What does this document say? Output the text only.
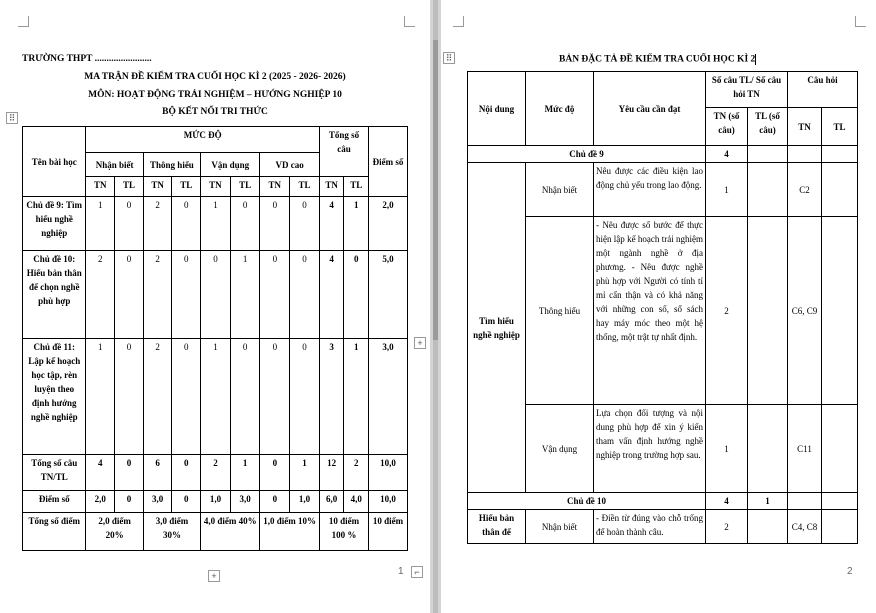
TRƯỜNG THPT ........................
MA TRẬN ĐỀ KIỂM TRA CUỐI HỌC KÌ 2 (2025 - 2026- 2026)
MÔN: HOẠT ĐỘNG TRẢI NGHIỆM – HƯỚNG NGHIỆP 10
BỘ KẾT NỐI TRI THỨC
⠿
Tên bài học	MỨC ĐỘ								Tổng số câu		Điểm số
	Nhận biết		Thông hiểu		Vận dụng		VD cao				
	TN	TL	TN	TL	TN	TL	TN	TL	TN	TL	
Chủ đề 9: Tìm hiểu nghề nghiệp	1	0	2	0	1	0	0	0	4	1	2,0
Chủ đề 10: Hiểu bản thân để chọn nghề phù hợp	2	0	2	0	0	1	0	0	4	0	5,0
Chủ đề 11: Lập kế hoạch học tập, rèn luyện theo định hướng nghề nghiệp	1	0	2	0	1	0	0	0	3	1	3,0
Tổng số câu TN/TL	4	0	6	0	2	1	0	1	12	2	10,0
Điểm số	2,0	0	3,0	0	1,0	3,0	0	1,0	6,0	4,0	10,0
Tổng số điểm	2,0 điểm 20%		3,0 điểm 30%		4,0 điểm 40%		1,0 điểm 10%		10 điểm 100 %		10 điểm
+
+	1	⌐
⠿	BẢN ĐẶC TẢ ĐỀ KIỂM TRA CUỐI HỌC KÌ 2
Nội dung	Mức độ	Yêu cầu cần đạt	Số câu TL/ Số câu hỏi TN		Câu hỏi	
			TN (số câu)	TL (số câu)	TN	TL
Chủ đề 9			4			
Tìm hiểu nghề nghiệp	Nhận biết	Nêu được các điều kiện lao động chủ yếu trong lao động.	1		C2	
	Thông hiểu	- Nêu được số bước để thực hiện lập kế hoạch trải nghiệm một ngành nghề ở địa phương. - Nêu được nghề phù hợp với Người có tính tỉ mỉ cẩn thận và có khả năng với những con số, sổ sách hay máy móc theo một hệ thống, một trật tự nhất định.	2		C6, C9	
	Vận dụng	Lựa chọn đối tượng và nội dung phù hợp để xin ý kiến tham vấn định hướng nghề nghiệp trong trường hợp sau.	1		C11	
Chủ đề 10			4	1		
Hiểu bản thân để	Nhận biết	- Điền từ đúng vào chỗ trống để hoàn thành câu.	2		C4, C8	
2
